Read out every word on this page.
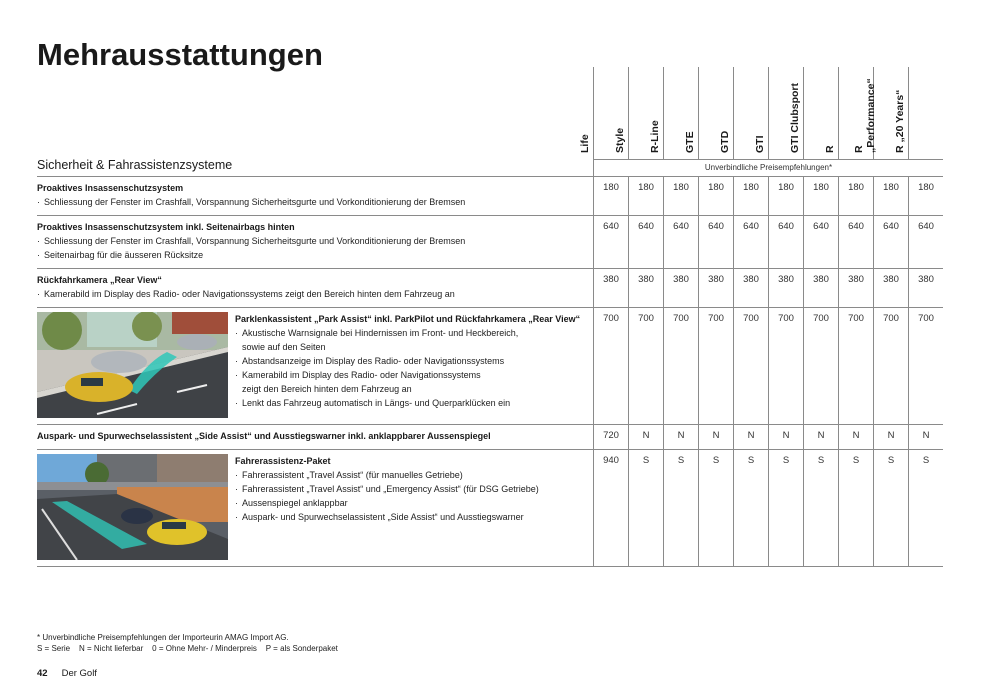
Mehrausstattungen
Sicherheit & Fahrassistenzsysteme
Life Style R-Line GTE GTD GTI GTI Clubsport R R „Performance“ R „20 Years“
Unverbindliche Preisempfehlungen*
Proaktives Insassenschutzsystem
· Schliessung der Fenster im Crashfall, Vorspannung Sicherheitsgurte und Vorkonditionierung der Bremsen
180	180	180	180	180	180	180	180	180	180
Proaktives Insassenschutzsystem inkl. Seitenairbags hinten
· Schliessung der Fenster im Crashfall, Vorspannung Sicherheitsgurte und Vorkonditionierung der Bremsen
· Seitenairbag für die äusseren Rücksitze
640	640	640	640	640	640	640	640	640	640
Rückfahrkamera „Rear View“
· Kamerabild im Display des Radio- oder Navigationssystems zeigt den Bereich hinten dem Fahrzeug an
380	380	380	380	380	380	380	380	380	380
Parklenkassistent „Park Assist“ inkl. ParkPilot und Rückfahrkamera „Rear View“
· Akustische Warnsignale bei Hindernissen im Front- und Heckbereich,
sowie auf den Seiten
· Abstandsanzeige im Display des Radio- oder Navigationssystems
· Kamerabild im Display des Radio- oder Navigationssystems
zeigt den Bereich hinten dem Fahrzeug an
· Lenkt das Fahrzeug automatisch in Längs- und Querparklücken ein
700	700	700	700	700	700	700	700	700	700
Auspark- und Spurwechselassistent „Side Assist“ und Ausstiegswarner inkl. anklappbarer Aussenspiegel	720	N	N	N	N	N	N	N	N	N
Fahrerassistenz-Paket
· Fahrerassistent „Travel Assist“ (für manuelles Getriebe)
· Fahrerassistent „Travel Assist“ und „Emergency Assist“ (für DSG Getriebe)
· Aussenspiegel anklappbar
· Auspark- und Spurwechselassistent „Side Assist“ und Ausstiegswarner
940	S	S	S	S	S	S	S	S	S
* Unverbindliche Preisempfehlungen der Importeurin AMAG Import AG.
S = Serie    N = Nicht lieferbar    0 = Ohne Mehr- / Minderpreis    P = als Sonderpaket
42 Der Golf
